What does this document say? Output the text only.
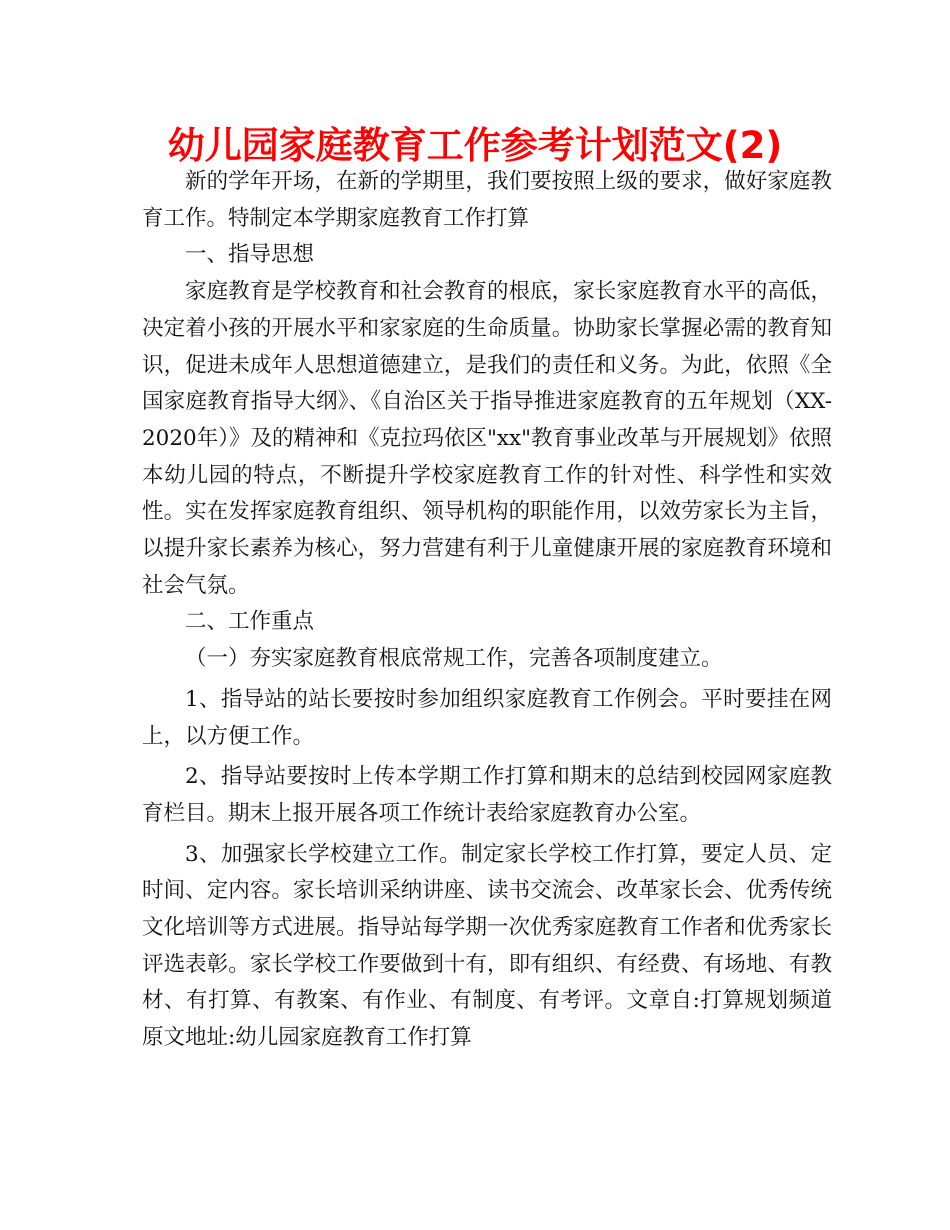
幼儿园家庭教育工作参考计划范文(2)

新的学年开场，在新的学期里，我们要按照上级的要求，做好家庭教育工作。特制定本学期家庭教育工作打算

一、指导思想

家庭教育是学校教育和社会教育的根底，家长家庭教育水平的高低，决定着小孩的开展水平和家家庭的生命质量。协助家长掌握必需的教育知识，促进未成年人思想道德建立，是我们的责任和义务。为此，依照《全国家庭教育指导大纲》、《自治区关于指导推进家庭教育的五年规划（XX-2020年）》及的精神和《克拉玛依区"xx"教育事业改革与开展规划》依照本幼儿园的特点，不断提升学校家庭教育工作的针对性、科学性和实效性。实在发挥家庭教育组织、领导机构的职能作用，以效劳家长为主旨，以提升家长素养为核心，努力营建有利于儿童健康开展的家庭教育环境和社会气氛。

二、工作重点

（一）夯实家庭教育根底常规工作，完善各项制度建立。

1、指导站的站长要按时参加组织家庭教育工作例会。平时要挂在网上，以方便工作。

2、指导站要按时上传本学期工作打算和期末的总结到校园网家庭教育栏目。期末上报开展各项工作统计表给家庭教育办公室。

3、加强家长学校建立工作。制定家长学校工作打算，要定人员、定时间、定内容。家长培训采纳讲座、读书交流会、改革家长会、优秀传统文化培训等方式进展。指导站每学期一次优秀家庭教育工作者和优秀家长评选表彰。家长学校工作要做到十有，即有组织、有经费、有场地、有教材、有打算、有教案、有作业、有制度、有考评。文章自:打算规划频道原文地址:幼儿园家庭教育工作打算
